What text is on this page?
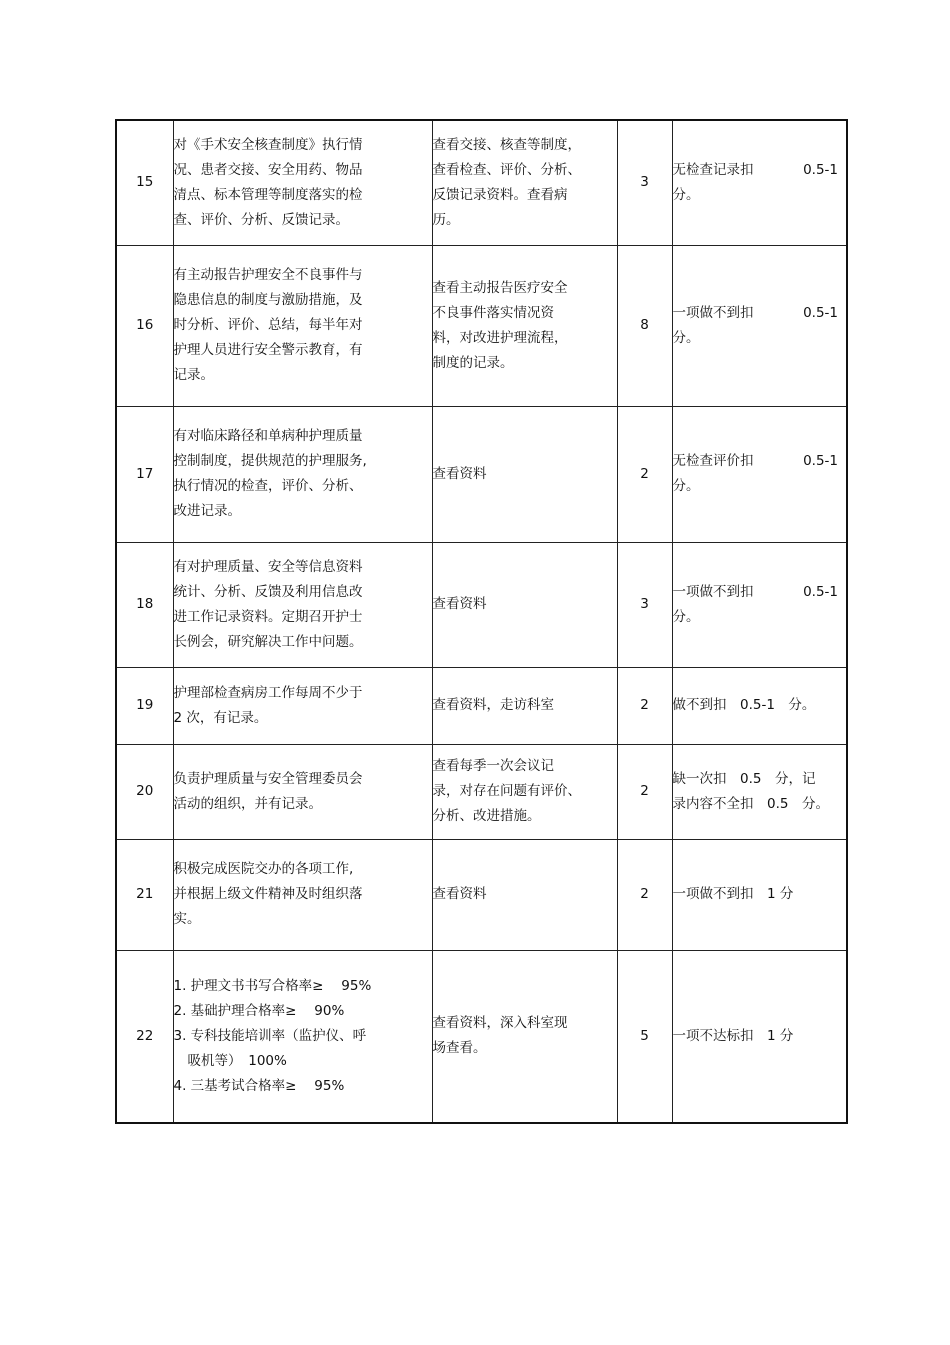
15	对《手术安全核查制度》执行情
况、患者交接、安全用药、物品
清点、标本管理等制度落实的检
查、评价、分析、反馈记录。	查看交接、核查等制度，
查看检查、评价、分析、
反馈记录资料。查看病
历。	3	无检查记录扣 0.5-1
分。

16	有主动报告护理安全不良事件与
隐患信息的制度与激励措施，及
时分析、评价、总结，每半年对
护理人员进行安全警示教育，有
记录。	查看主动报告医疗安全
不良事件落实情况资
料，对改进护理流程，
制度的记录。	8	一项做不到扣 0.5-1
分。

17	有对临床路径和单病种护理质量
控制制度，提供规范的护理服务,
执行情况的检查，评价、分析、
改进记录。	查看资料	2	无检查评价扣 0.5-1
分。

18	有对护理质量、安全等信息资料
统计、分析、反馈及利用信息改
进工作记录资料。定期召开护士
长例会，研究解决工作中问题。	查看资料	3	一项做不到扣 0.5-1
分。

19	护理部检查病房工作每周不少于
2 次，有记录。	查看资料，走访科室	2	做不到扣　0.5-1　分。

20	负责护理质量与安全管理委员会
活动的组织，并有记录。	查看每季一次会议记
录，对存在问题有评价、
分析、改进措施。	2	缺一次扣　0.5　分，记
录内容不全扣　0.5　分。

21	积极完成医院交办的各项工作,
并根据上级文件精神及时组织落
实。	查看资料	2	一项做不到扣　1 分

22	1. 护理文书书写合格率≥　 95%
2. 基础护理合格率≥　 90%
3. 专科技能培训率（监护仪、呼
吸机等）　100%
4. 三基考试合格率≥　 95%	查看资料，深入科室现
场查看。	5	一项不达标扣　1 分
